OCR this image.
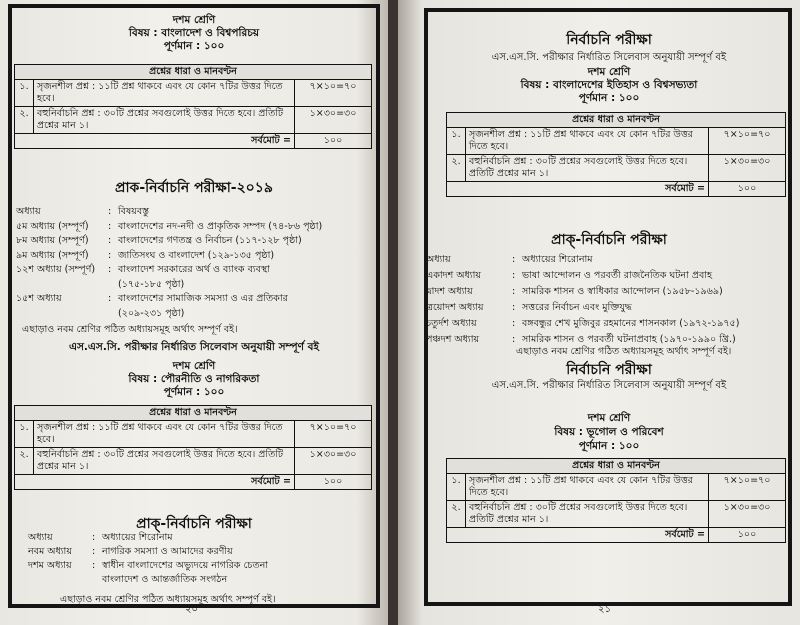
দশম শ্রেণি
বিষয় : বাংলাদেশ ও বিশ্বপরিচয়
পূর্ণমান : ১০০
প্রশ্নের ধারা ও মানবণ্টন		
১.	সৃজনশীল প্রশ্ন : ১১টি প্রশ্ন থাকবে এবং যে কোন ৭টির উত্তর দিতে হবে।	৭×১০=৭০
২.	বহুনির্বাচনি প্রশ্ন : ৩০টি প্রশ্নের সবগুলোই উত্তর দিতে হবে। প্রতিটি প্রশ্নের মান ১।	১×৩০=৩০
সর্বমোট =		১০০
প্রাক-নির্বাচনি পরীক্ষা-২০১৯
অধ্যায়	: বিষয়বস্তু
৫ম অধ্যায় (সম্পূর্ণ) : বাংলাদেশের নদ-নদী ও প্রাকৃতিক সম্পদ (৭৪-৮৬ পৃষ্ঠা)
৮ম অধ্যায় (সম্পূর্ণ) : বাংলাদেশের গণতন্ত্র ও নির্বাচন (১১৭-১২৮ পৃষ্ঠা)
৯ম অধ্যায় (সম্পূর্ণ) : জাতিসংঘ ও বাংলাদেশ (১২৯-১৩৫ পৃষ্ঠা)
১২শ অধ্যায় (সম্পূর্ণ) : বাংলাদেশ সরকারের অর্থ ও ব্যাংক ব্যবস্থা
(১৭৫-১৮৫ পৃষ্ঠা)
১৫শ অধ্যায়	: বাংলাদেশের সামাজিক সমস্যা ও এর প্রতিকার
(২০৯-২৩১ পৃষ্ঠা)
এছাড়াও নবম শ্রেণির পঠিত অধ্যায়সমূহ অর্থাৎ সম্পূর্ণ বই।
এস.এস.সি. পরীক্ষার নির্ধারিত সিলেবাস অনুযায়ী সম্পূর্ণ বই
দশম শ্রেণি
বিষয় : পৌরনীতি ও নাগরিকতা
পূর্ণমান : ১০০
প্রশ্নের ধারা ও মানবণ্টন		
১.	সৃজনশীল প্রশ্ন : ১১টি প্রশ্ন থাকবে এবং যে কোন ৭টির উত্তর দিতে হবে।	৭×১০=৭০
২.	বহুনির্বাচনি প্রশ্ন : ৩০টি প্রশ্নের সবগুলোই উত্তর দিতে হবে। প্রতিটি প্রশ্নের মান ১।	১×৩০=৩০
সর্বমোট =		১০০
প্রাক্-নির্বাচনি পরীক্ষা
অধ্যায়	: অধ্যায়ের শিরোনাম
নবম অধ্যায় : নাগরিক সমস্যা ও আমাদের করণীয়
দশম অধ্যায় : স্বাধীন বাংলাদেশের অভ্যুদয়ে নাগরিক চেতনা
বাংলাদেশ ও আন্তর্জাতিক সংগঠন
এছাড়াও নবম শ্রেণির পঠিত অধ্যায়সমূহ অর্থাৎ সম্পূর্ণ বই।
২০
নির্বাচনি পরীক্ষা
এস.এস.সি. পরীক্ষার নির্ধারিত সিলেবাস অনুযায়ী সম্পূর্ণ বই
দশম শ্রেণি
বিষয় : বাংলাদেশের ইতিহাস ও বিশ্বসভ্যতা
পূর্ণমান : ১০০
প্রশ্নের ধারা ও মানবণ্টন		
১.	সৃজনশীল প্রশ্ন : ১১টি প্রশ্ন থাকবে এবং যে কোন ৭টির উত্তর দিতে হবে।	৭×১০=৭০
২.	বহুনির্বাচনি প্রশ্ন : ৩০টি প্রশ্নের সবগুলোই উত্তর দিতে হবে। প্রতিটি প্রশ্নের মান ১।	১×৩০=৩০
সর্বমোট =		১০০
প্রাক্-নির্বাচনি পরীক্ষা
অধ্যায়	: অধ্যায়ের শিরোনাম
একাদশ অধ্যায়	: ভাষা আন্দোলন ও পরবর্তী রাজনৈতিক ঘটনা প্রবাহ
দ্বাদশ অধ্যায়	: সামরিক শাসন ও স্বাধিকার আন্দোলন (১৯৫৮-১৯৬৯)
ত্রয়োদশ অধ্যায়	: সত্তরের নির্বাচন এবং মুক্তিযুদ্ধ
চতুর্দশ অধ্যায়	: বঙ্গবন্ধুর শেখ মুজিবুর রহমানের শাসনকাল (১৯৭২-১৯৭৫)
পঞ্চদশ অধ্যায়	: সামরিক শাসন ও পরবর্তী ঘটনাপ্রবাহ (১৯৭০-১৯৯০ খ্রি.)
এছাড়াও নবম শ্রেণির গঠিত অধ্যায়সমূহ অর্থাৎ সম্পূর্ণ বই।
নির্বাচনি পরীক্ষা
এস.এস.সি. পরীক্ষার নির্ধারিত সিলেবাস অনুযায়ী সম্পূর্ণ বই
দশম শ্রেণি
বিষয় : ভূগোল ও পরিবেশ
পূর্ণমান : ১০০
প্রশ্নের ধারা ও মানবণ্টন		
১.	সৃজনশীল প্রশ্ন : ১১টি প্রশ্ন থাকবে এবং যে কোন ৭টির উত্তর দিতে হবে।	৭×১০=৭০
২.	বহুনির্বাচনি প্রশ্ন : ৩০টি প্রশ্নের সবগুলোই উত্তর দিতে হবে। প্রতিটি প্রশ্নের মান ১।	১×৩০=৩০
সর্বমোট =		১০০
২১
